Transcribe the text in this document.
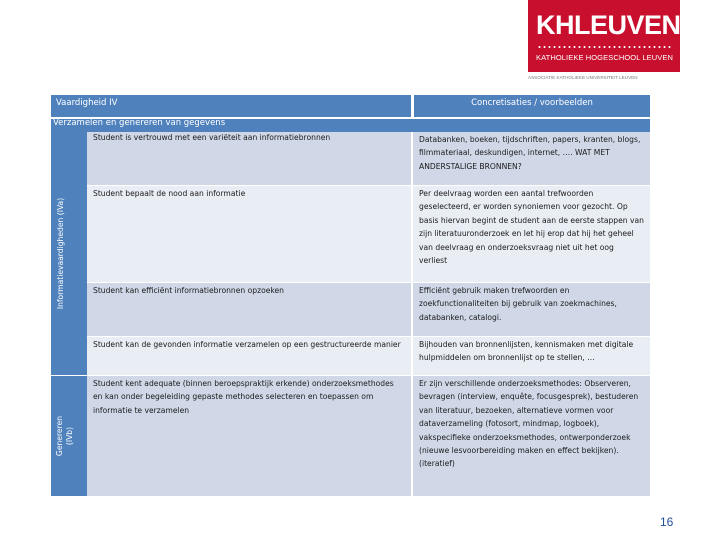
KHLEUVEN
KATHOLIEKE HOGESCHOOL LEUVEN
ASSOCIATIE KATHOLIEKE UNIVERSITEIT LEUVEN
Vaardigheid IV	Concretisaties / voorbeelden
Verzamelen en genereren van gegevens
Informatievaardigheden (IVa)
Genereren (IVb)
Student is vertrouwd met een variëteit aan informatiebronnen	Databanken, boeken, tijdschriften, papers, kranten, blogs, filmmateriaal, deskundigen, internet, …. WAT MET ANDERSTALIGE BRONNEN?
Student bepaalt de nood aan informatie	Per deelvraag worden een aantal trefwoorden geselecteerd, er worden synoniemen voor gezocht. Op basis hiervan begint de student aan de eerste stappen van zijn literatuuronderzoek en let hij erop dat hij het geheel van deelvraag en onderzoeksvraag niet uit het oog verliest
Student kan efficiënt informatiebronnen opzoeken	Efficiënt gebruik maken trefwoorden en zoekfunctionaliteiten bij gebruik van zoekmachines, databanken, catalogi.
Student kan de gevonden informatie verzamelen op een gestructureerde manier	Bijhouden van bronnenlijsten, kennismaken met digitale hulpmiddelen om bronnenlijst op te stellen, …
Student kent adequate (binnen beroepspraktijk erkende) onderzoeksmethodes en kan onder begeleiding gepaste methodes selecteren en toepassen om informatie te verzamelen
Er zijn verschillende onderzoeksmethodes: Observeren, bevragen (interview, enquête, focusgesprek), bestuderen van literatuur, bezoeken, alternatieve vormen voor dataverzameling (fotosort, mindmap, logboek), vakspecifieke onderzoeksmethodes, ontwerponderzoek (nieuwe lesvoorbereiding maken en effect bekijken). (iteratief)
16
